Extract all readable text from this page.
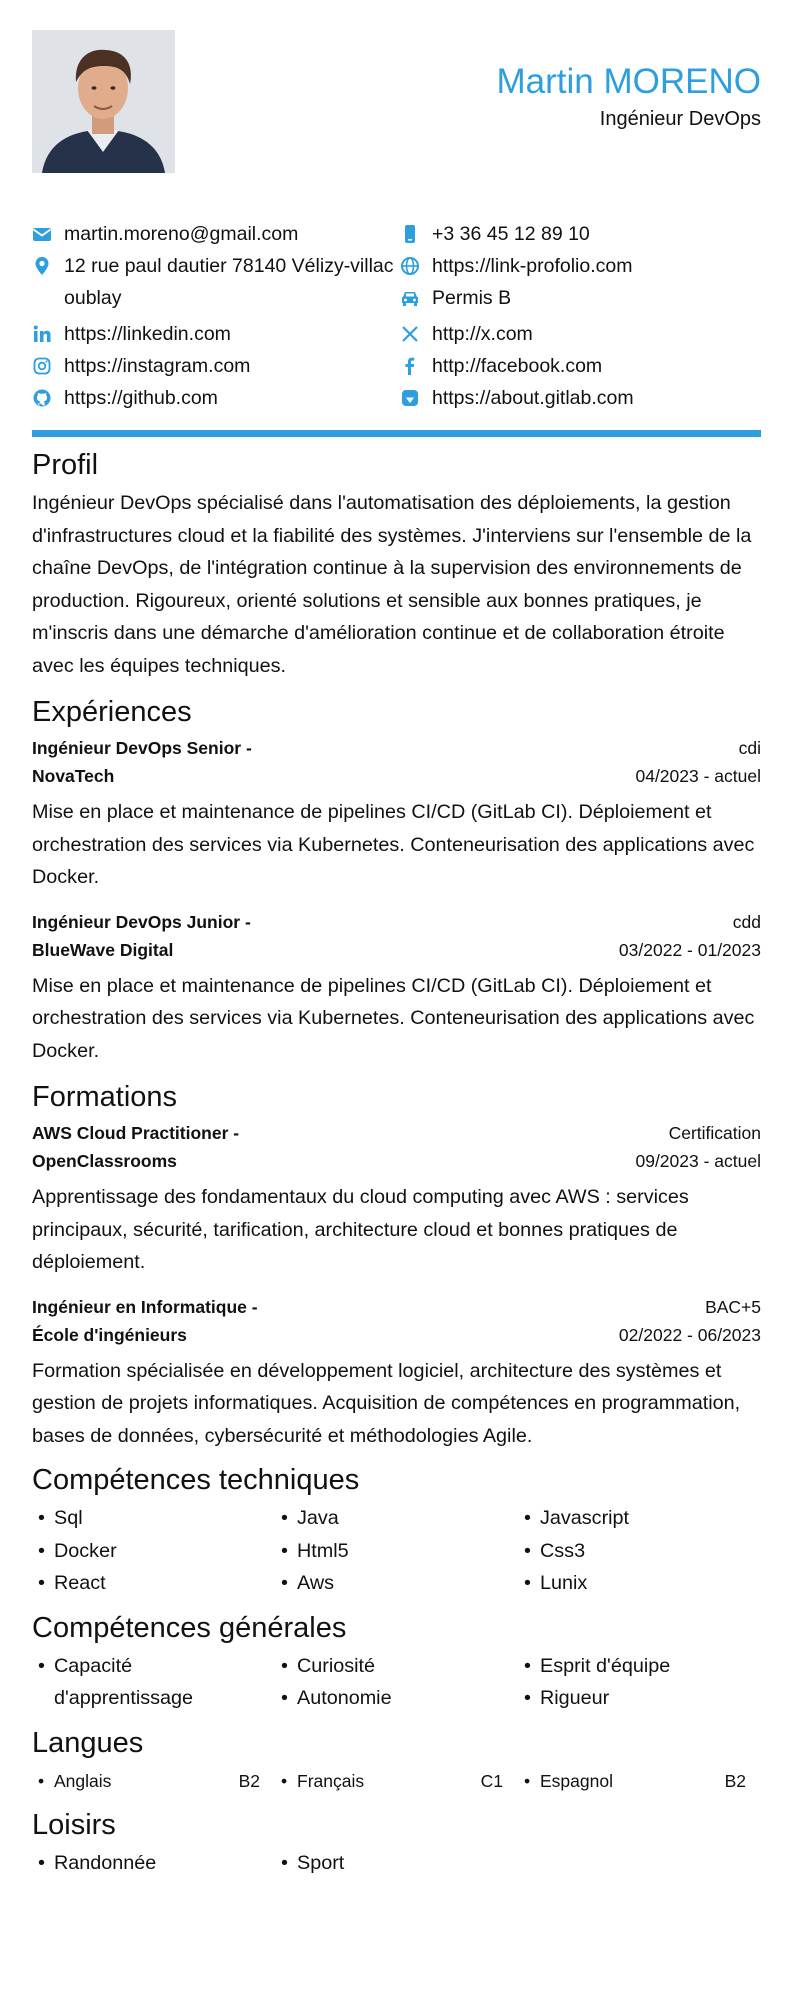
Martin MORENO
Ingénieur DevOps
martin.moreno@gmail.com	+3 36 45 12 89 10
12 rue paul dautier 78140 Vélizy-villacoublay
https://link-profolio.com
Permis B
https://linkedin.com	http://x.com
https://instagram.com	http://facebook.com
https://github.com	https://about.gitlab.com
Profil

Ingénieur DevOps spécialisé dans l'automatisation des déploiements, la gestion d'infrastructures cloud et la fiabilité des systèmes. J'interviens sur l'ensemble de la chaîne DevOps, de l'intégration continue à la supervision des environnements de production. Rigoureux, orienté solutions et sensible aux bonnes pratiques, je m'inscris dans une démarche d'amélioration continue et de collaboration étroite avec les équipes techniques.

Expériences
Ingénieur DevOps Senior -
NovaTech
cdi
04/2023 - actuel

Mise en place et maintenance de pipelines CI/CD (GitLab CI). Déploiement et orchestration des services via Kubernetes. Conteneurisation des applications avec Docker.

Ingénieur DevOps Junior -
BlueWave Digital
cdd
03/2022 - 01/2023

Mise en place et maintenance de pipelines CI/CD (GitLab CI). Déploiement et orchestration des services via Kubernetes. Conteneurisation des applications avec Docker.

Formations
AWS Cloud Practitioner -
OpenClassrooms
Certification
09/2023 - actuel

Apprentissage des fondamentaux du cloud computing avec AWS : services principaux, sécurité, tarification, architecture cloud et bonnes pratiques de déploiement.

Ingénieur en Informatique -
École d'ingénieurs
BAC+5
02/2022 - 06/2023

Formation spécialisée en développement logiciel, architecture des systèmes et gestion de projets informatiques. Acquisition de compétences en programmation, bases de données, cybersécurité et méthodologies Agile.

Compétences techniques
• Sql	• Java	• Javascript
• Docker	• Html5	• Css3
• React	• Aws	• Lunix
Compétences générales
• Capacité d'apprentissage
• Curiosité
• Autonomie
• Esprit d'équipe
• Rigueur
Langues
• Anglais	B2 • Français	C1 • Espagnol	B2
Loisirs
• Randonnée	• Sport
